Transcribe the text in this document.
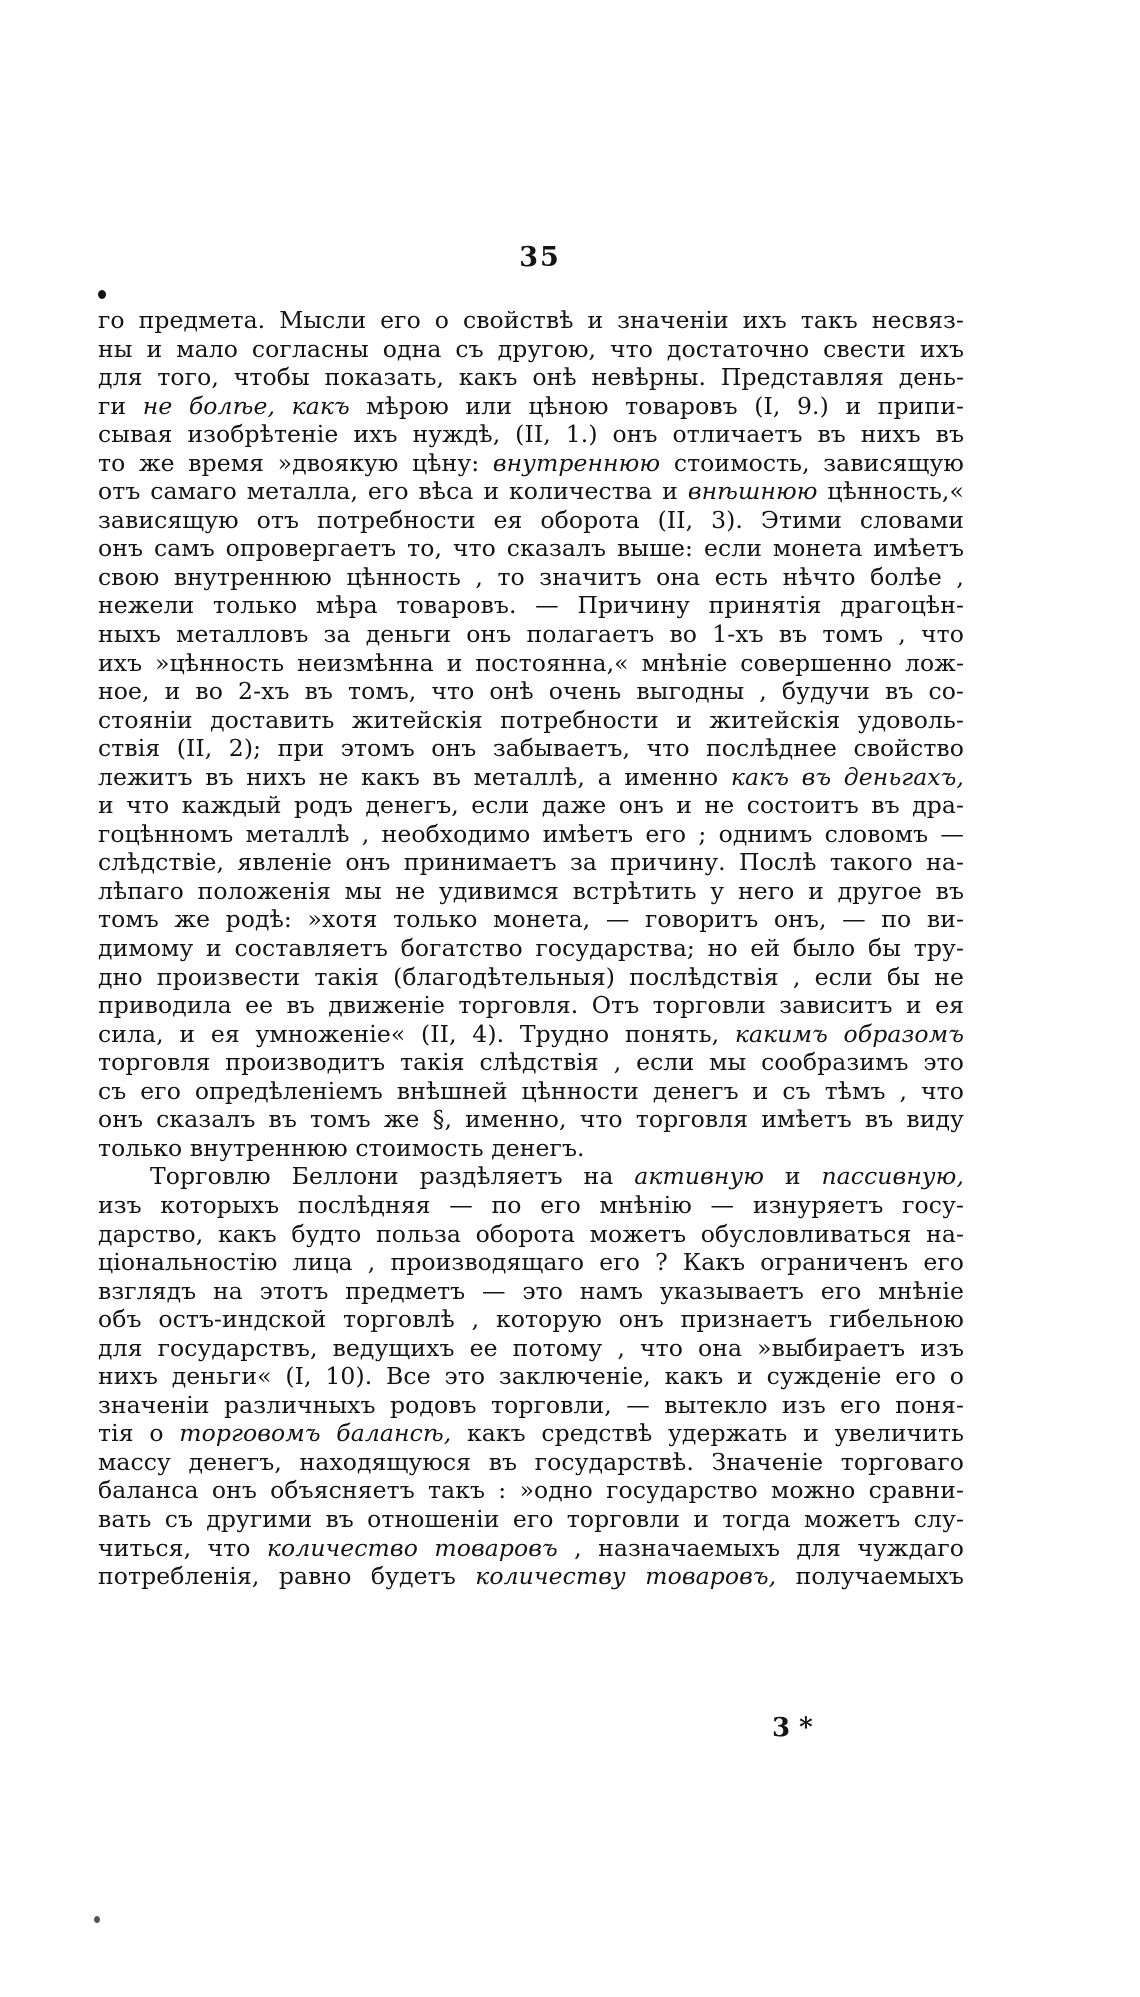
35
го предмета. Мысли его о свойствѣ и значеніи ихъ такъ несвяз-
ны и мало согласны одна съ другою, что достаточно свести ихъ
для того, чтобы показать, какъ онѣ невѣрны. Представляя день-
ги не болѣе, какъ мѣрою или цѣною товаровъ (I, 9.) и припи-
сывая изобрѣтеніе ихъ нуждѣ, (II, 1.) онъ отличаетъ въ нихъ въ
то же время »двоякую цѣну: внутреннюю стоимость, зависящую
отъ самаго металла, его вѣса и количества и внѣшнюю цѣнность,«
зависящую отъ потребности ея оборота (II, 3). Этими словами
онъ самъ опровергаетъ то, что сказалъ выше: если монета имѣетъ
свою внутреннюю цѣнность , то значитъ она есть нѣчто болѣе ,
нежели только мѣра товаровъ. — Причину принятія драгоцѣн-
ныхъ металловъ за деньги онъ полагаетъ во 1-хъ въ томъ , что
ихъ »цѣнность неизмѣнна и постоянна,« мнѣніе совершенно лож-
ное, и во 2-хъ въ томъ, что онѣ очень выгодны , будучи въ со-
стояніи доставить житейскія потребности и житейскія удоволь-
ствія (II, 2); при этомъ онъ забываетъ, что послѣднее свойство
лежитъ въ нихъ не какъ въ металлѣ, а именно какъ въ деньгахъ,
и что каждый родъ денегъ, если даже онъ и не состоитъ въ дра-
гоцѣнномъ металлѣ , необходимо имѣетъ его ; однимъ словомъ —
слѣдствіе, явленіе онъ принимаетъ за причину. Послѣ такого на-
лѣпаго положенія мы не удивимся встрѣтить у него и другое въ
томъ же родѣ: »хотя только монета, — говоритъ онъ, — по ви-
димому и составляетъ богатство государства; но ей было бы тру-
дно произвести такія (благодѣтельныя) послѣдствія , если бы не
приводила ее въ движеніе торговля. Отъ торговли зависитъ и ея
сила, и ея умноженіе« (II, 4). Трудно понять, какимъ образомъ
торговля производитъ такія слѣдствія , если мы сообразимъ это
съ его опредѣленіемъ внѣшней цѣнности денегъ и съ тѣмъ , что
онъ сказалъ въ томъ же §, именно, что торговля имѣетъ въ виду
только внутреннюю стоимость денегъ.
Торговлю Беллони раздѣляетъ на активную и пассивную,
изъ которыхъ послѣдняя — по его мнѣнію — изнуряетъ госу-
дарство, какъ будто польза оборота можетъ обусловливаться на-
ціональностію лица , производящаго его ? Какъ ограниченъ его
взглядъ на этотъ предметъ — это намъ указываетъ его мнѣніе
объ остъ-индской торговлѣ , которую онъ признаетъ гибельною
для государствъ, ведущихъ ее потому , что она »выбираетъ изъ
нихъ деньги« (I, 10). Все это заключеніе, какъ и сужденіе его о
значеніи различныхъ родовъ торговли, — вытекло изъ его поня-
тія о торговомъ балансѣ, какъ средствѣ удержать и увеличить
массу денегъ, находящуюся въ государствѣ. Значеніе торговаго
баланса онъ объясняетъ такъ : »одно государство можно сравни-
вать съ другими въ отношеніи его торговли и тогда можетъ слу-
читься, что количество товаровъ , назначаемыхъ для чуждаго
потребленія, равно будетъ количеству товаровъ, получаемыхъ
3 *
